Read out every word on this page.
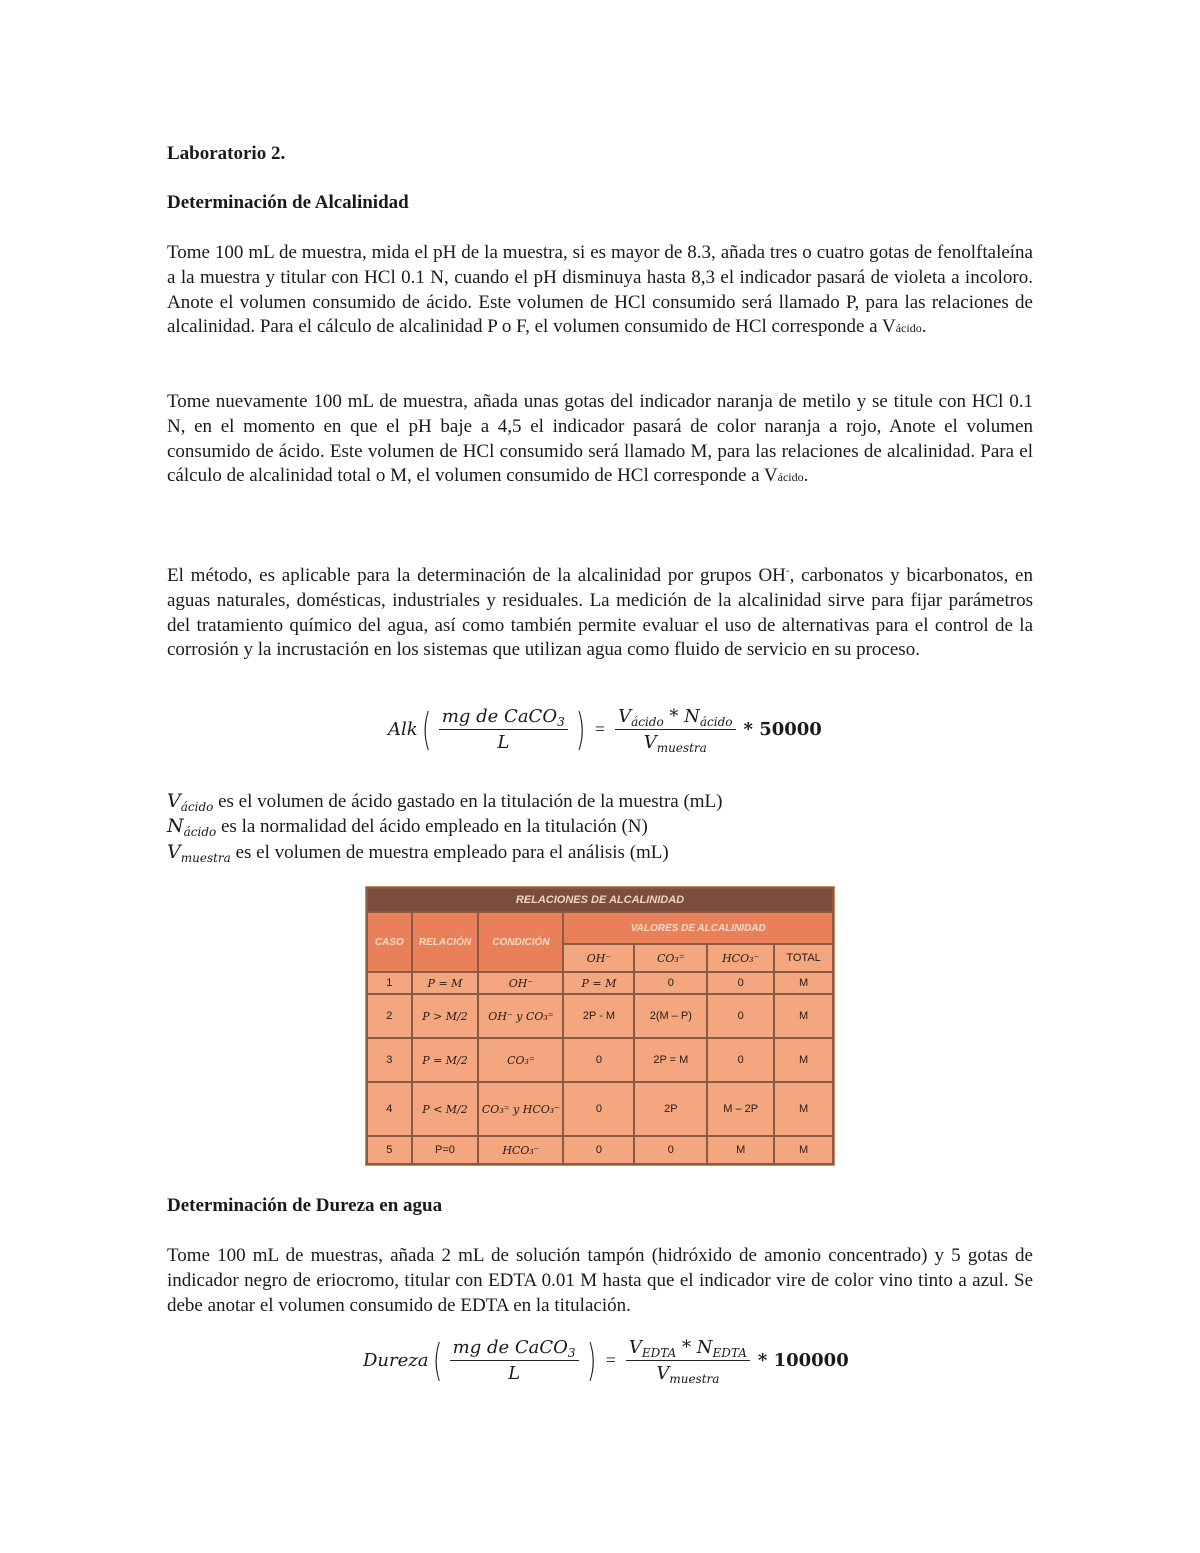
Laboratorio 2.
Determinación de Alcalinidad

Tome 100 mL de muestra, mida el pH de la muestra, si es mayor de 8.3, añada tres o cuatro gotas de fenolftaleína a la muestra y titular con HCl 0.1 N, cuando el pH disminuya hasta 8,3 el indicador pasará de violeta a incoloro. Anote el volumen consumido de ácido. Este volumen de HCl consumido será llamado P, para las relaciones de alcalinidad. Para el cálculo de alcalinidad P o F, el volumen consumido de HCl corresponde a Vácido.

Tome nuevamente 100 mL de muestra, añada unas gotas del indicador naranja de metilo y se titule con HCl 0.1 N, en el momento en que el pH baje a 4,5 el indicador pasará de color naranja a rojo, Anote el volumen consumido de ácido. Este volumen de HCl consumido será llamado M, para las relaciones de alcalinidad. Para el cálculo de alcalinidad total o M, el volumen consumido de HCl corresponde a Vácido.

El método, es aplicable para la determinación de la alcalinidad por grupos OH-, carbonatos y bicarbonatos, en aguas naturales, domésticas, industriales y residuales. La medición de la alcalinidad sirve para fijar parámetros del tratamiento químico del agua, así como también permite evaluar el uso de alternativas para el control de la corrosión y la incrustación en los sistemas que utilizan agua como fluido de servicio en su proceso.

Alk ( $\frac{mg de CaCO_3}{L}$ ) = $\frac{V_{ácido} * N_{ácido}}{V_{muestra}} * 50000$
$V_{ácido}$ es el volumen de ácido gastado en la titulación de la muestra (mL)
$N_{ácido}$ es la normalidad del ácido empleado en la titulación (N)
$V_{muestra}$ es el volumen de muestra empleado para el análisis (mL)
RELACIONES DE ALCALINIDAD						
CASO	RELACIÓN	CONDICIÓN	VALORES DE ALCALINIDAD			
			OH⁻	CO₃⁼	HCO₃⁻	TOTAL
1	P = M	OH⁻	P = M	0	0	M
2	P > M/2	OH⁻ y CO₃⁼	2P - M	2(M – P)	0	M
3	P = M/2	CO₃⁼	0	2P = M	0	M
4	P < M/2	CO₃⁼ y HCO₃⁻	0	2P	M – 2P	M
5	P=0	HCO₃⁻	0	0	M	M
Determinación de Dureza en agua

Tome 100 mL de muestras, añada 2 mL de solución tampón (hidróxido de amonio concentrado) y 5 gotas de indicador negro de eriocromo, titular con EDTA 0.01 M hasta que el indicador vire de color vino tinto a azul. Se debe anotar el volumen consumido de EDTA en la titulación.

Dureza ( $\frac{mg de CaCO_3}{L}$ ) = $\frac{V_{EDTA} * N_{EDTA}}{V_{muestra}} * 100000$
